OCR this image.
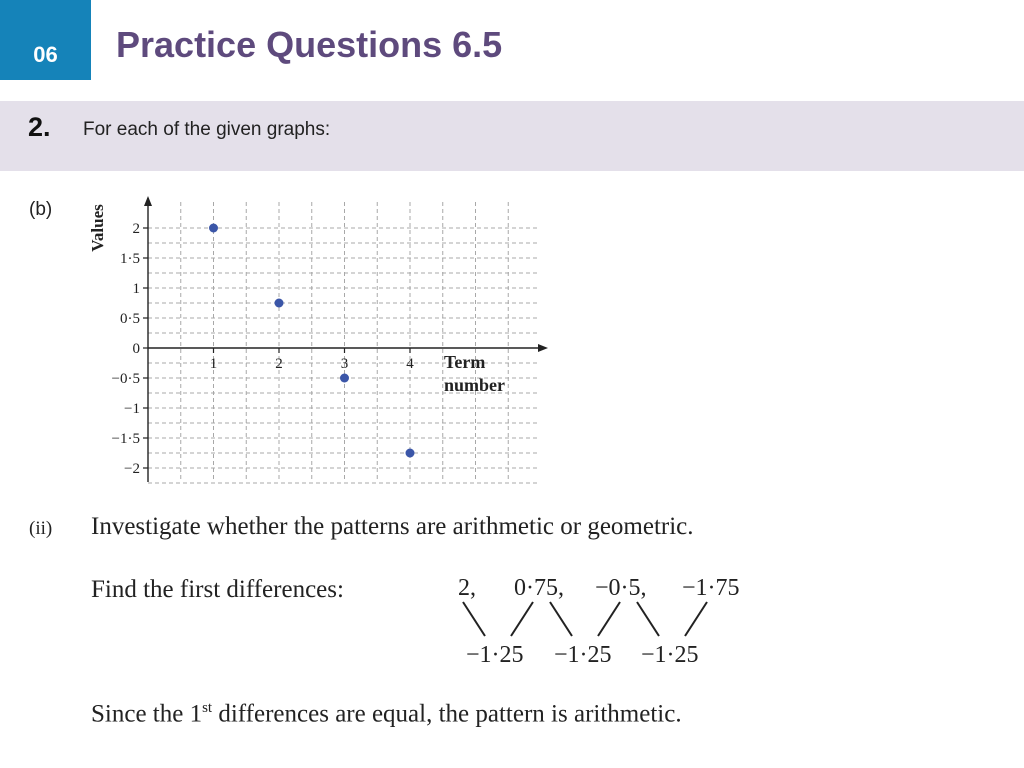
06 Practice Questions 6.5
2. For each of the given graphs:
(b)
2
1·5
1
0·5
0
−0·5
−1
−1·5
−2
1	2	3	4 Term
number
Values
(ii) Investigate whether the patterns are arithmetic or geometric.
Find the first differences:	2, 0·75, −0·5, −1·75
−1·25 −1·25 −1·25
Since the 1st differences are equal, the pattern is arithmetic.
